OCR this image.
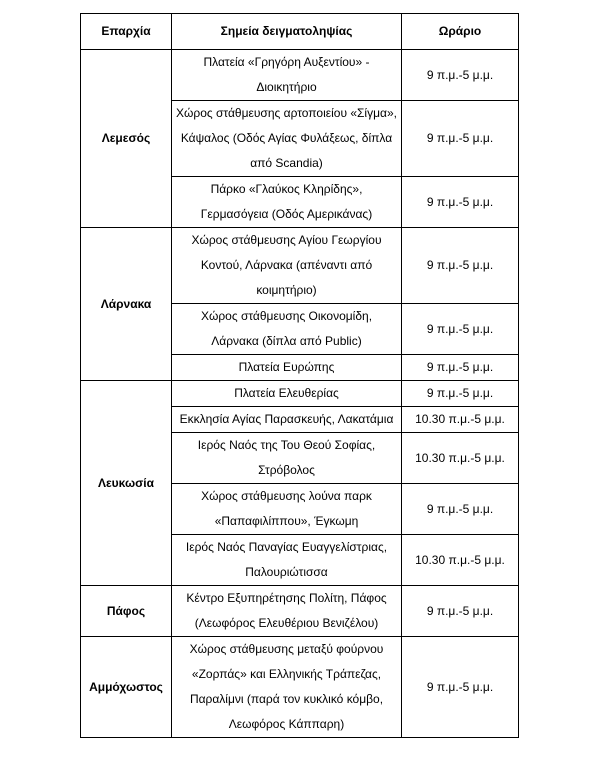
Επαρχία	Σημεία δειγματοληψίας	Ωράριο
Λεμεσός	Πλατεία «Γρηγόρη Αυξεντίου» - Διοικητήριο	9 π.μ.-5 μ.μ.
	Χώρος στάθμευσης αρτοποιείου «Σίγμα», Κάψαλος (Οδός Αγίας Φυλάξεως, δίπλα από Scandia)	9 π.μ.-5 μ.μ.
	Πάρκο «Γλαύκος Κληρίδης», Γερμασόγεια (Οδός Αμερικάνας)	9 π.μ.-5 μ.μ.
Λάρνακα	Χώρος στάθμευσης Αγίου Γεωργίου Κοντού, Λάρνακα (απέναντι από κοιμητήριο)	9 π.μ.-5 μ.μ.
	Χώρος στάθμευσης Οικονομίδη, Λάρνακα (δίπλα από Public)	9 π.μ.-5 μ.μ.
	Πλατεία Ευρώπης	9 π.μ.-5 μ.μ.
Λευκωσία	Πλατεία Ελευθερίας	9 π.μ.-5 μ.μ.
	Εκκλησία Αγίας Παρασκευής, Λακατάμια	10.30 π.μ.-5 μ.μ.
	Ιερός Ναός της Του Θεού Σοφίας, Στρόβολος	10.30 π.μ.-5 μ.μ.
	Χώρος στάθμευσης λούνα παρκ «Παπαφιλίππου», Έγκωμη	9 π.μ.-5 μ.μ.
	Ιερός Ναός Παναγίας Ευαγγελίστριας, Παλουριώτισσα	10.30 π.μ.-5 μ.μ.
Πάφος	Κέντρο Εξυπηρέτησης Πολίτη, Πάφος (Λεωφόρος Ελευθέριου Βενιζέλου)	9 π.μ.-5 μ.μ.
Αμμόχωστος	Χώρος στάθμευσης μεταξύ φούρνου «Ζορπάς» και Ελληνικής Τράπεζας, Παραλίμνι (παρά τον κυκλικό κόμβο, Λεωφόρος Κάππαρη)	9 π.μ.-5 μ.μ.
